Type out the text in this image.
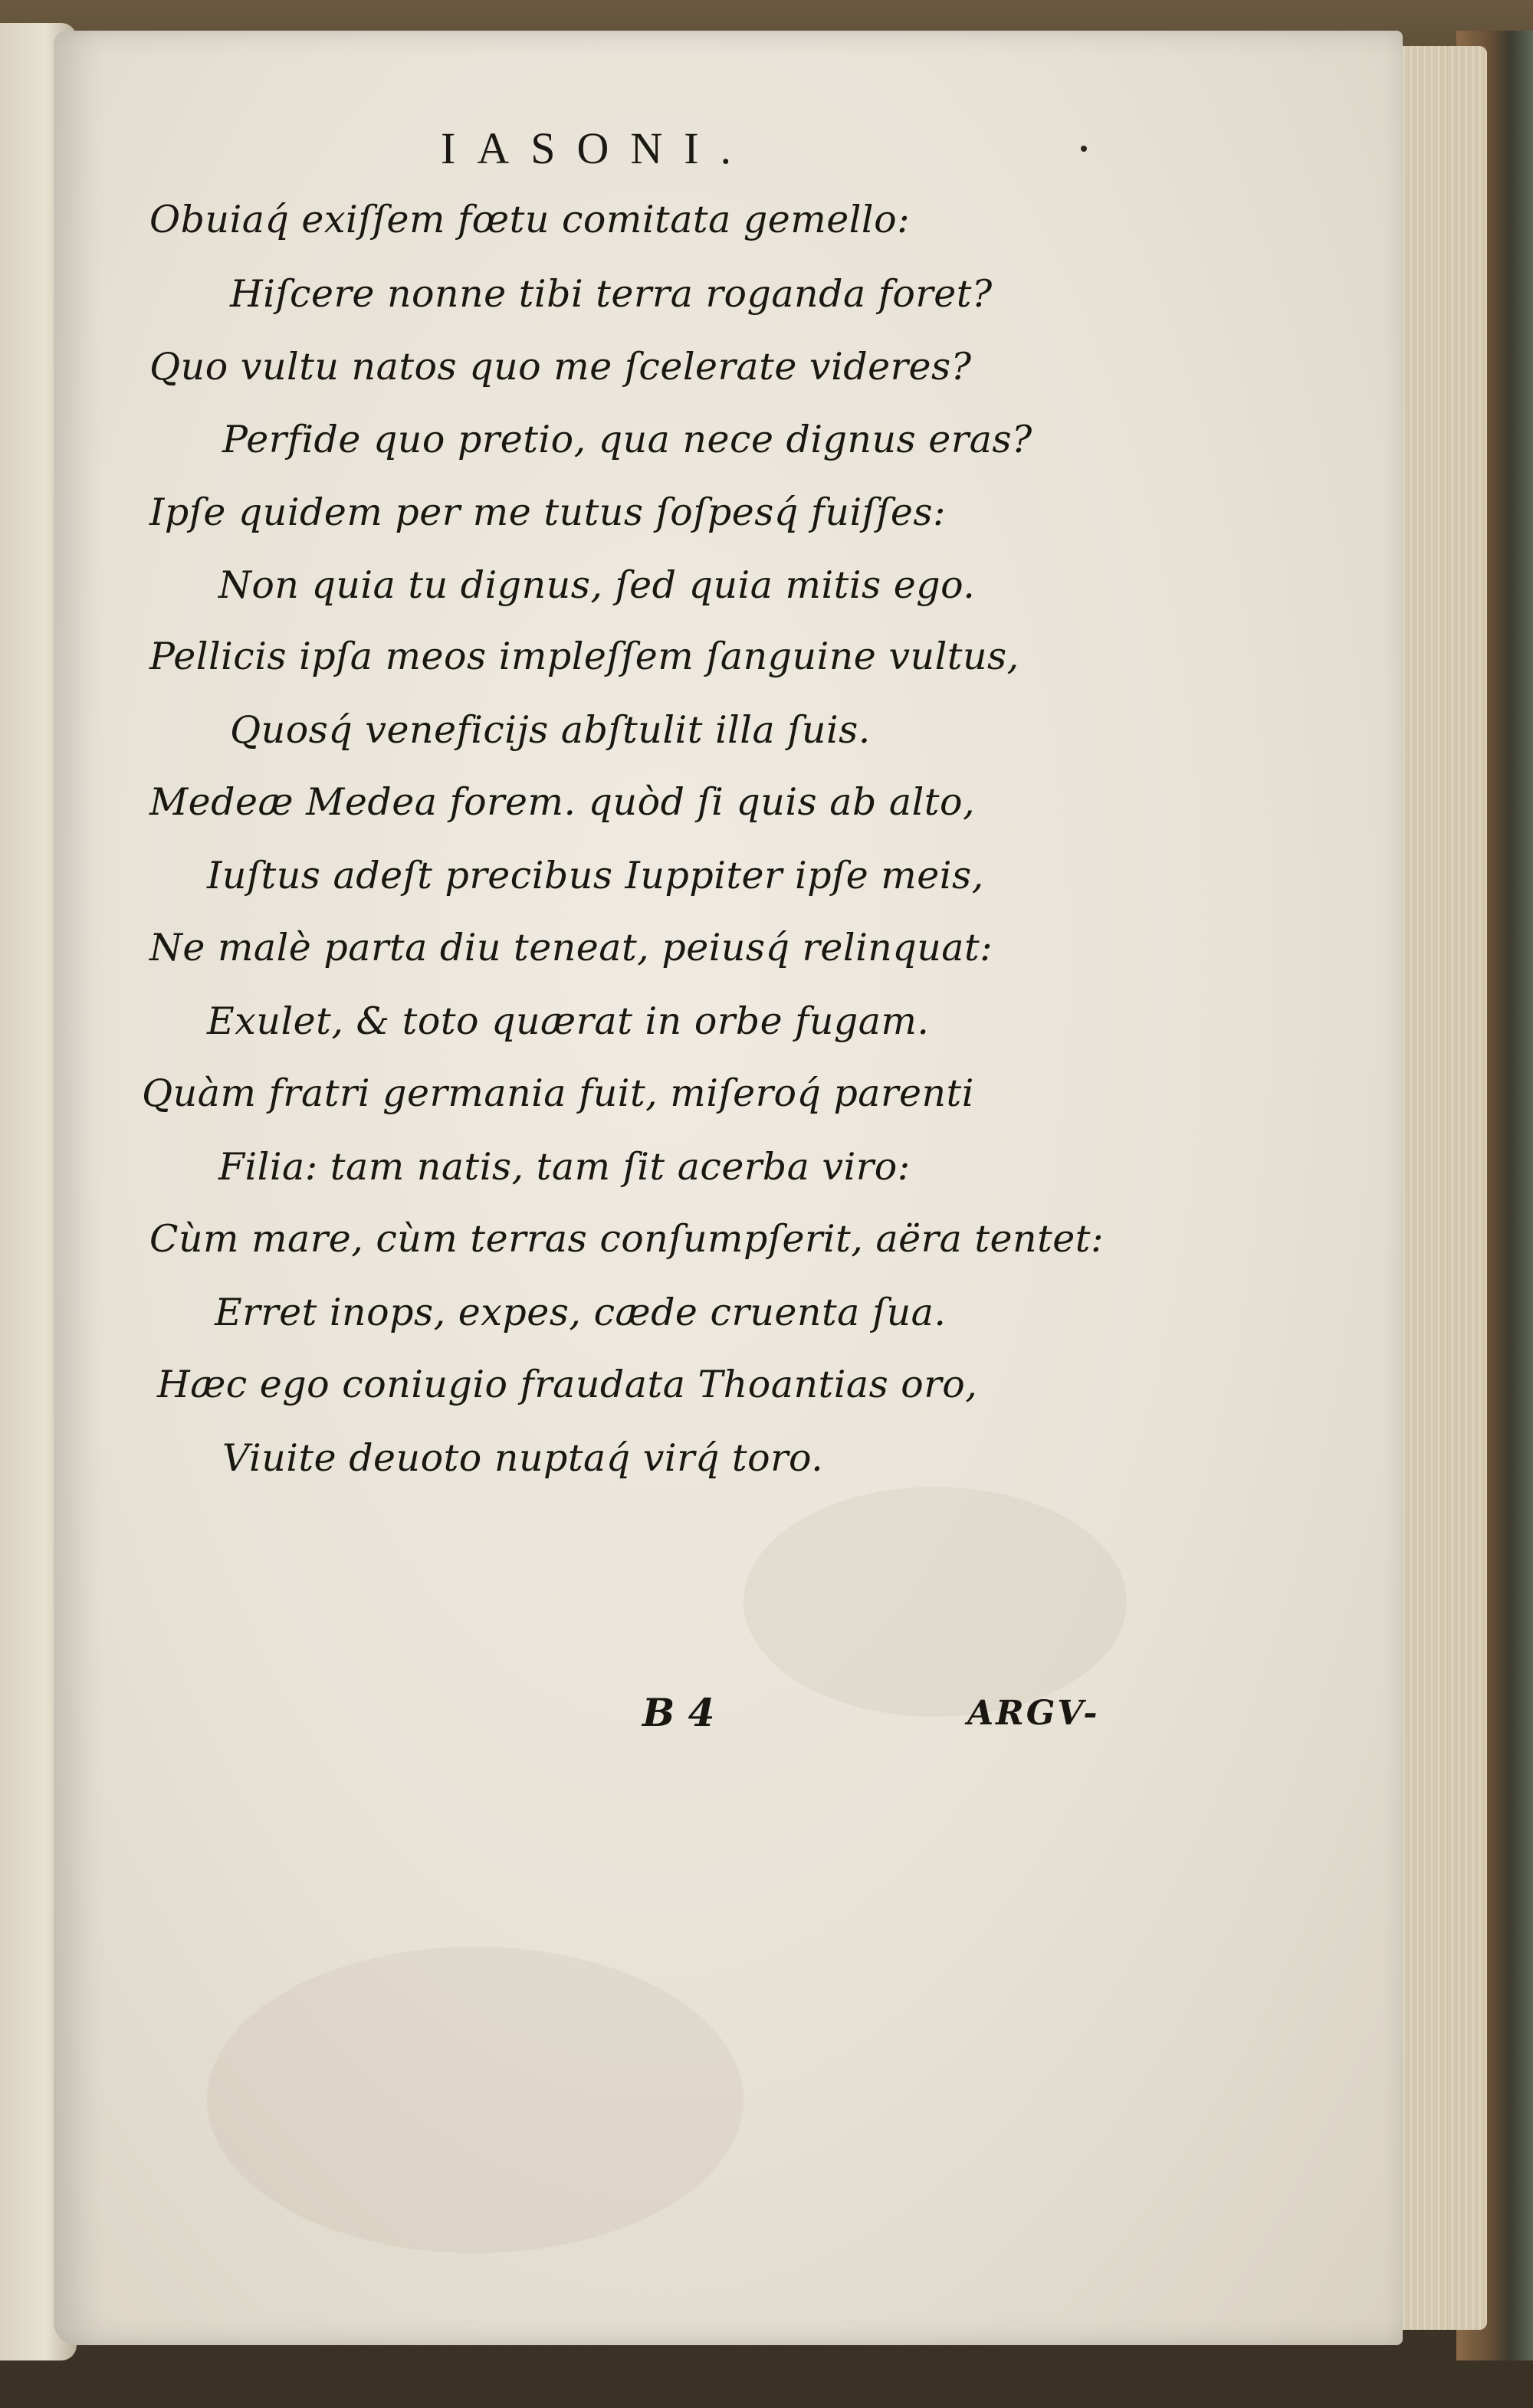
IASONI.
Obuiaq́ exiſſem fœtu comitata gemello:
Hiſcere nonne tibi terra roganda foret?
Quo vultu natos quo me ſcelerate videres?
Perfide quo pretio, qua nece dignus eras?
Ipſe quidem per me tutus ſoſpesq́ fuiſſes:
Non quia tu dignus, ſed quia mitis ego.
Pellicis ipſa meos impleſſem ſanguine vultus,
Quosq́ veneficijs abſtulit illa ſuis.
Medeæ Medea forem. quòd ſi quis ab alto,
Iuſtus adeſt precibus Iuppiter ipſe meis,
Ne malè parta diu teneat, peiusq́ relinquat:
Exulet, & toto quærat in orbe fugam.
Quàm fratri germania fuit, miſeroq́ parenti
Filia: tam natis, tam ſit acerba viro:
Cùm mare, cùm terras conſumpſerit, aëra tentet:
Erret inops, expes, cæde cruenta ſua.
Hæc ego coniugio fraudata Thoantias oro,
Viuite deuoto nuptaq́ virq́ toro.
B 4	ARGV-
